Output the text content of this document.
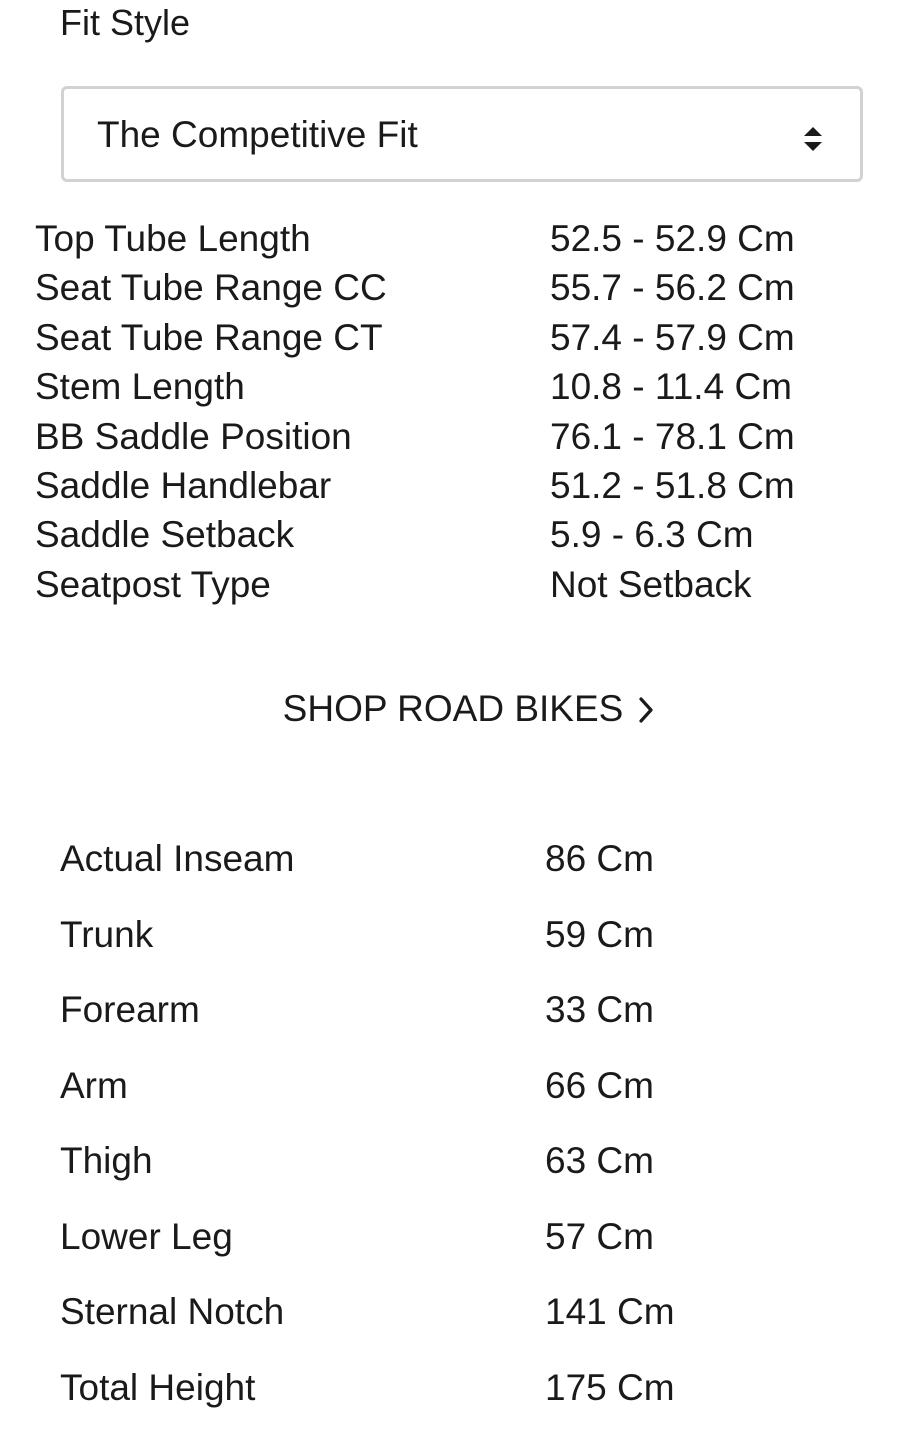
Fit Style
The Competitive Fit
Top Tube Length	52.5 - 52.9 Cm
Seat Tube Range CC	55.7 - 56.2 Cm
Seat Tube Range CT	57.4 - 57.9 Cm
Stem Length	10.8 - 11.4 Cm
BB Saddle Position	76.1 - 78.1 Cm
Saddle Handlebar	51.2 - 51.8 Cm
Saddle Setback	5.9 - 6.3 Cm
Seatpost Type	Not Setback
SHOP ROAD BIKES
Actual Inseam	86 Cm
Trunk	59 Cm
Forearm	33 Cm
Arm	66 Cm
Thigh	63 Cm
Lower Leg	57 Cm
Sternal Notch	141 Cm
Total Height	175 Cm
